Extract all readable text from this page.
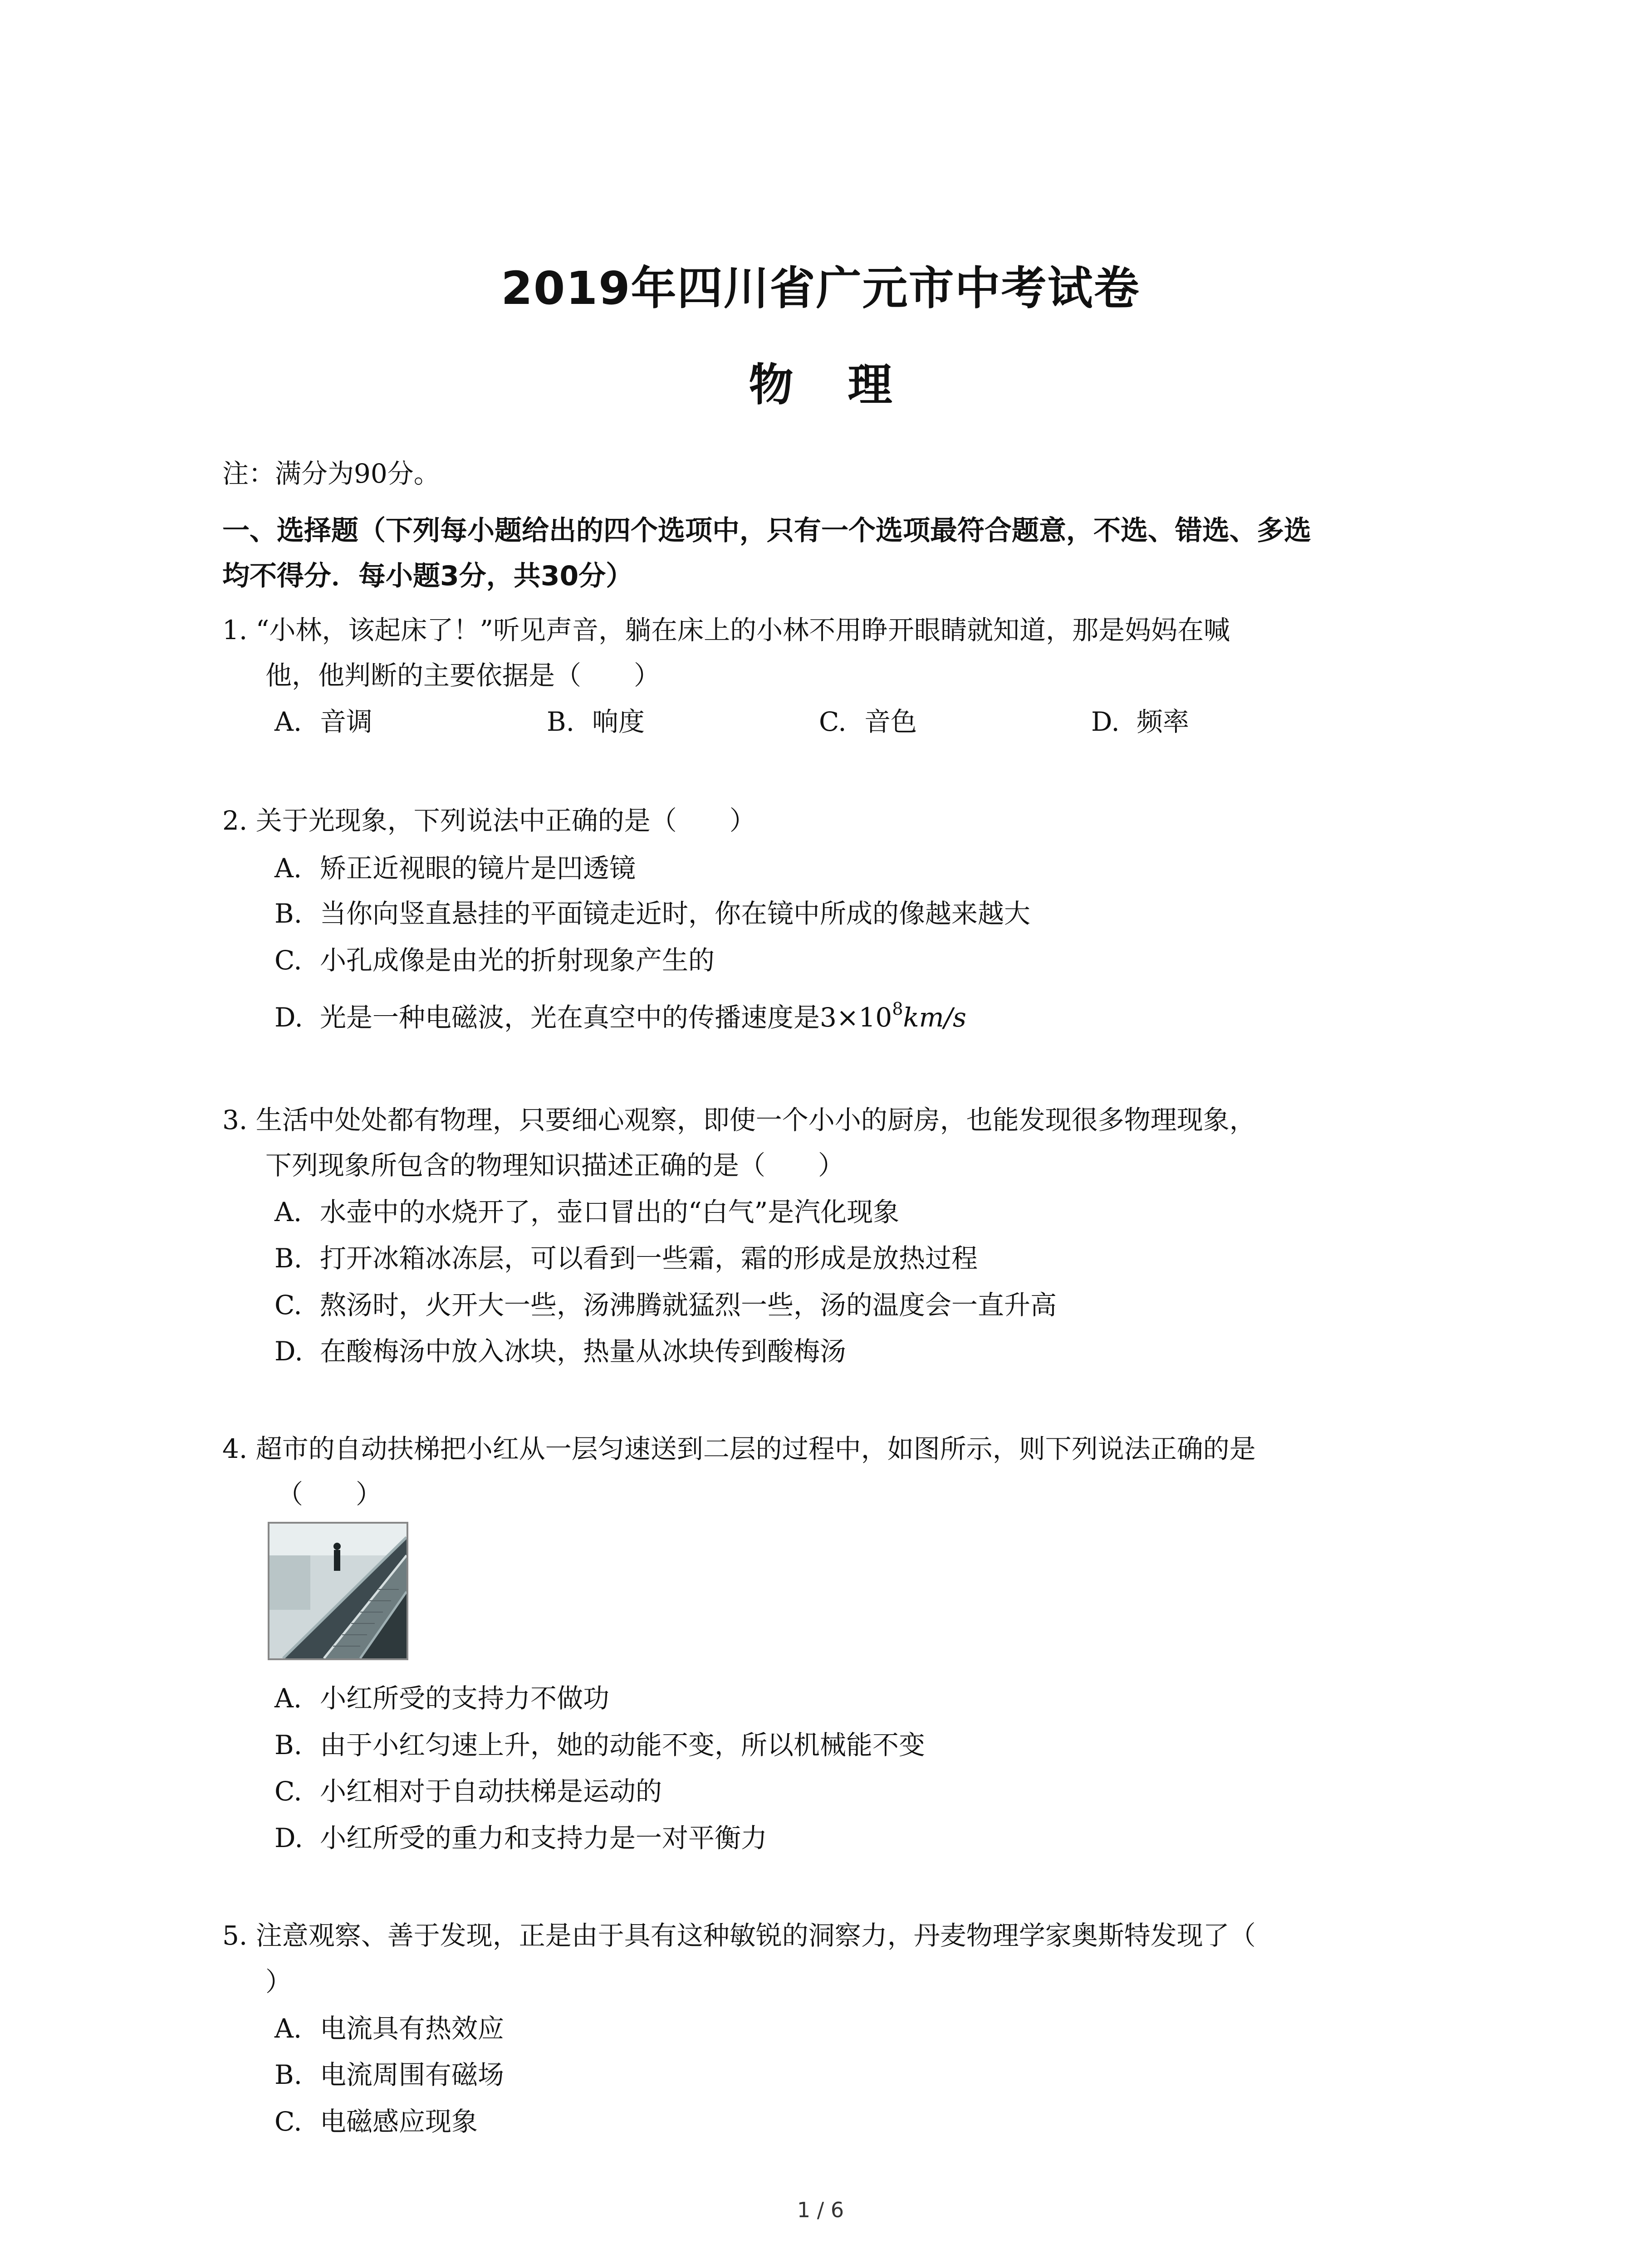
2019年四川省广元市中考试卷
物理
注：满分为90分。
一、选择题（下列每小题给出的四个选项中，只有一个选项最符合题意，不选、错选、多选
均不得分．每小题3分，共30分）
1. “小林，该起床了！”听见声音，躺在床上的小林不用睁开眼睛就知道，那是妈妈在喊
他，他判断的主要依据是（　　）
A. 音调	B. 响度	C. 音色	D. 频率
2. 关于光现象，下列说法中正确的是（　　）
A. 矫正近视眼的镜片是凹透镜
B. 当你向竖直悬挂的平面镜走近时，你在镜中所成的像越来越大
C. 小孔成像是由光的折射现象产生的
D. 光是一种电磁波，光在真空中的传播速度是$3\times 10^8km/s$
3. 生活中处处都有物理，只要细心观察，即使一个小小的厨房，也能发现很多物理现象，
下列现象所包含的物理知识描述正确的是（　　）
A. 水壶中的水烧开了，壶口冒出的“白气”是汽化现象
B. 打开冰箱冰冻层，可以看到一些霜，霜的形成是放热过程
C. 熬汤时，火开大一些，汤沸腾就猛烈一些，汤的温度会一直升高
D. 在酸梅汤中放入冰块，热量从冰块传到酸梅汤
4. 超市的自动扶梯把小红从一层匀速送到二层的过程中，如图所示，则下列说法正确的是
（　　）
A. 小红所受的支持力不做功
B. 由于小红匀速上升，她的动能不变，所以机械能不变
C. 小红相对于自动扶梯是运动的
D. 小红所受的重力和支持力是一对平衡力
5. 注意观察、善于发现，正是由于具有这种敏锐的洞察力，丹麦物理学家奥斯特发现了（
）
A. 电流具有热效应
B. 电流周围有磁场
C. 电磁感应现象
1 / 6
